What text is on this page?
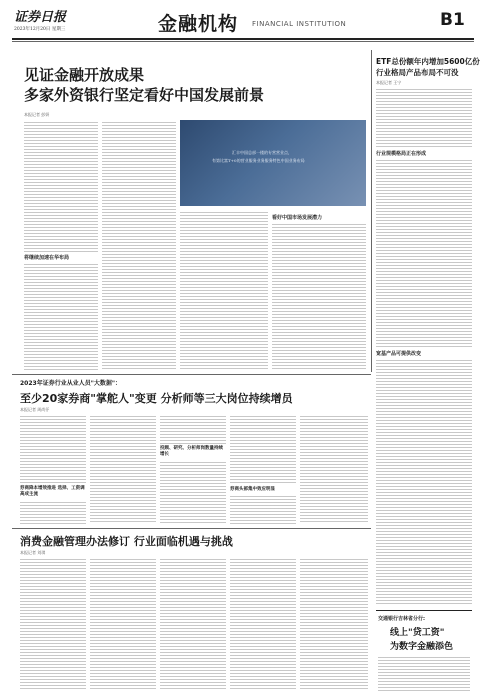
证券日报
2023年12月20日 星期三	金融机构 FINANCIAL INSTITUTION	B1
见证金融开放成果
多家外资银行坚定看好中国发展前景
本报记者 彭妍
将继续加速在华布局
汇丰中国总部一楼的专营营业点，
有第比富T+0的营业服务业务服务特色中国业务布局
看好中国市场发展潜力
ETF总份额年内增加5600亿份
行业格局产品布局不可没
本报记者 王宁
行业规模格局正在形成
宽基产品可提供改变
2023年证券行业从业人员"大数据"：
至少20家券商"掌舵人"变更 分析师等三大岗位持续增员
本报记者 周尚伃
券商降本增效推进 选择、工资调高成主流
投顾、研究、分析师岗数量持续增长
券商头部集中效应明显
消费金融管理办法修订 行业面临机遇与挑战
本报记者 刘琪
交通银行吉林省分行:
线上"贷工资"
为数字金融添色
